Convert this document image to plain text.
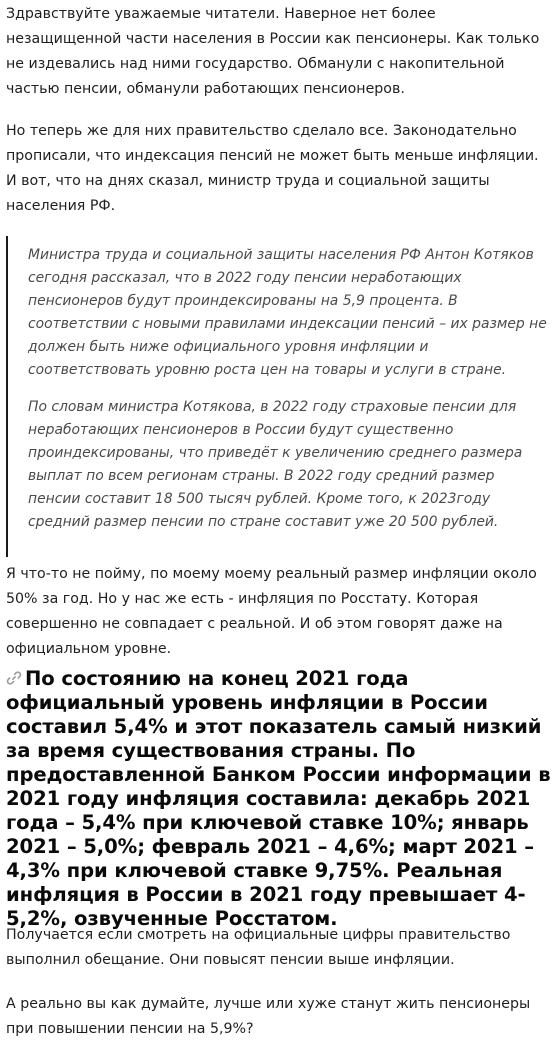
Здравствуйте уважаемые читатели. Наверное нет более незащищенной части населения в России как пенсионеры. Как только не издевались над ними государство. Обманули с накопительной частью пенсии, обманули работающих пенсионеров.

Но теперь же для них правительство сделало все. Законодательно прописали, что индексация пенсий не может быть меньше инфляции. И вот, что на днях сказал, министр труда и социальной защиты населения РФ.

Министра труда и социальной защиты населения РФ Антон Котяков сегодня рассказал, что в 2022 году пенсии неработающих пенсионеров будут проиндексированы на 5,9 процента. В соответствии с новыми правилами индексации пенсий – их размер не должен быть ниже официального уровня инфляции и соответствовать уровню роста цен на товары и услуги в стране.

По словам министра Котякова, в 2022 году страховые пенсии для неработающих пенсионеров в России будут существенно проиндексированы, что приведёт к увеличению среднего размера выплат по всем регионам страны. В 2022 году средний размер пенсии составит 18 500 тысяч рублей. Кроме того, к 2023году средний размер пенсии по стране составит уже 20 500 рублей.

Я что-то не пойму, по моему моему реальный размер инфляции около 50% за год. Но у нас же есть - инфляция по Росстату. Которая совершенно не совпадает с реальной. И об этом говорят даже на официальном уровне.

По состоянию на конец 2021 года официальный уровень инфляции в России составил 5,4% и этот показатель самый низкий за время существования страны. По предоставленной Банком России информации в 2021 году инфляция составила: декабрь 2021 года – 5,4% при ключевой ставке 10%; январь 2021 – 5,0%; февраль 2021 – 4,6%; март 2021 – 4,3% при ключевой ставке 9,75%. Реальная инфляция в России в 2021 году превышает 4-5,2%, озвученные Росстатом.

Получается если смотреть на официальные цифры правительство выполнил обещание. Они повысят пенсии выше инфляции.

А реально вы как думайте, лучше или хуже станут жить пенсионеры при повышении пенсии на 5,9%?
